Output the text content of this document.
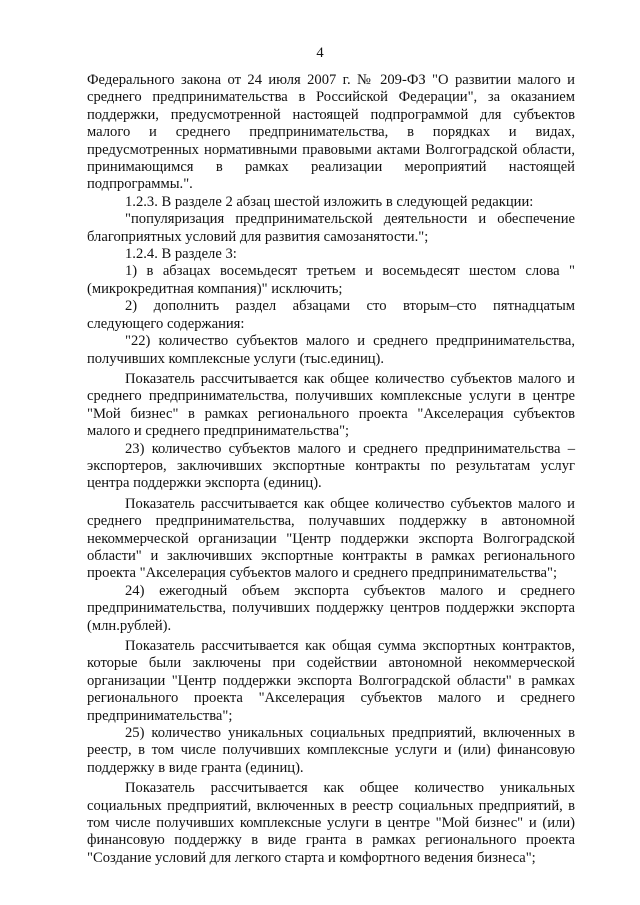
4

Федерального закона от 24 июля 2007 г. № 209-ФЗ "О развитии малого и среднего предпринимательства в Российской Федерации", за оказанием поддержки, предусмотренной настоящей подпрограммой для субъектов малого и среднего предпринимательства, в порядках и видах, предусмотренных нормативными правовыми актами Волгоградской области, принимающимся в рамках реализации мероприятий настоящей подпрограммы.".

1.2.3. В разделе 2 абзац шестой изложить в следующей редакции:

"популяризация предпринимательской деятельности и обеспечение благоприятных условий для развития самозанятости.";

1.2.4. В разделе 3:

1) в абзацах восемьдесят третьем и восемьдесят шестом слова "(микрокредитная компания)" исключить;

2) дополнить раздел абзацами сто вторым–сто пятнадцатым следующего содержания:

"22) количество субъектов малого и среднего предпринимательства, получивших комплексные услуги (тыс.единиц).

Показатель рассчитывается как общее количество субъектов малого и среднего предпринимательства, получивших комплексные услуги в центре "Мой бизнес" в рамках регионального проекта "Акселерация субъектов малого и среднего предпринимательства";

23) количество субъектов малого и среднего предпринимательства – экспортеров, заключивших экспортные контракты по результатам услуг центра поддержки экспорта (единиц).

Показатель рассчитывается как общее количество субъектов малого и среднего предпринимательства, получавших поддержку в автономной некоммерческой организации "Центр поддержки экспорта Волгоградской области" и заключивших экспортные контракты в рамках регионального проекта "Акселерация субъектов малого и среднего предпринимательства";

24) ежегодный объем экспорта субъектов малого и среднего предпринимательства, получивших поддержку центров поддержки экспорта (млн.рублей).

Показатель рассчитывается как общая сумма экспортных контрактов, которые были заключены при содействии автономной некоммерческой организации "Центр поддержки экспорта Волгоградской области" в рамках регионального проекта "Акселерация субъектов малого и среднего предпринимательства";

25) количество уникальных социальных предприятий, включенных в реестр, в том числе получивших комплексные услуги и (или) финансовую поддержку в виде гранта (единиц).

Показатель рассчитывается как общее количество уникальных социальных предприятий, включенных в реестр социальных предприятий, в том числе получивших комплексные услуги в центре "Мой бизнес" и (или) финансовую поддержку в виде гранта в рамках регионального проекта "Создание условий для легкого старта и комфортного ведения бизнеса";
